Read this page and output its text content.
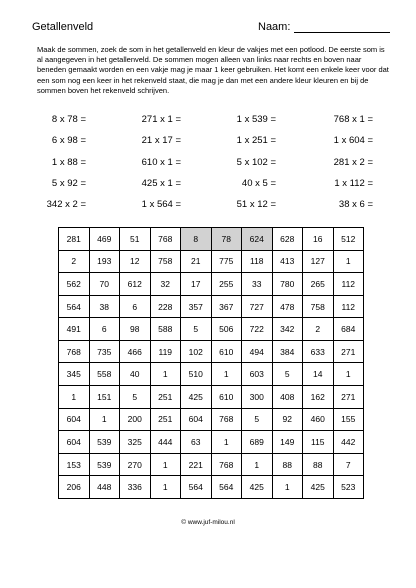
Getallenveld	Naam:
Maak de sommen, zoek de som in het getallenveld en kleur de vakjes met een potlood. De eerste som is al aangegeven in het getallenveld. De sommen mogen alleen van links naar rechts en boven naar beneden gemaakt worden en een vakje mag je maar 1 keer gebruiken. Het komt een enkele keer voor dat een som nog een keer in het rekenveld staat, die mag je dan met een andere kleur kleuren en bij de sommen boven het rekenveld schrijven.
8 x 78 =	271 x 1 =	1 x 539 =	768 x 1 =
6 x 98 =	21 x 17 =	1 x 251 =	1 x 604 =
1 x 88 =	610 x 1 =	5 x 102 =	281 x 2 =
5 x 92 =	425 x 1 =	40 x 5 =	1 x 112 =
342 x 2 =	1 x 564 =	51 x 12 =	38 x 6 =
281	469	51	768	8	78	624	628	16	512
2	193	12	758	21	775	118	413	127	1
562	70	612	32	17	255	33	780	265	112
564	38	6	228	357	367	727	478	758	112
491	6	98	588	5	506	722	342	2	684
768	735	466	119	102	610	494	384	633	271
345	558	40	1	510	1	603	5	14	1
1	151	5	251	425	610	300	408	162	271
604	1	200	251	604	768	5	92	460	155
604	539	325	444	63	1	689	149	115	442
153	539	270	1	221	768	1	88	88	7
206	448	336	1	564	564	425	1	425	523
© www.juf-milou.nl
